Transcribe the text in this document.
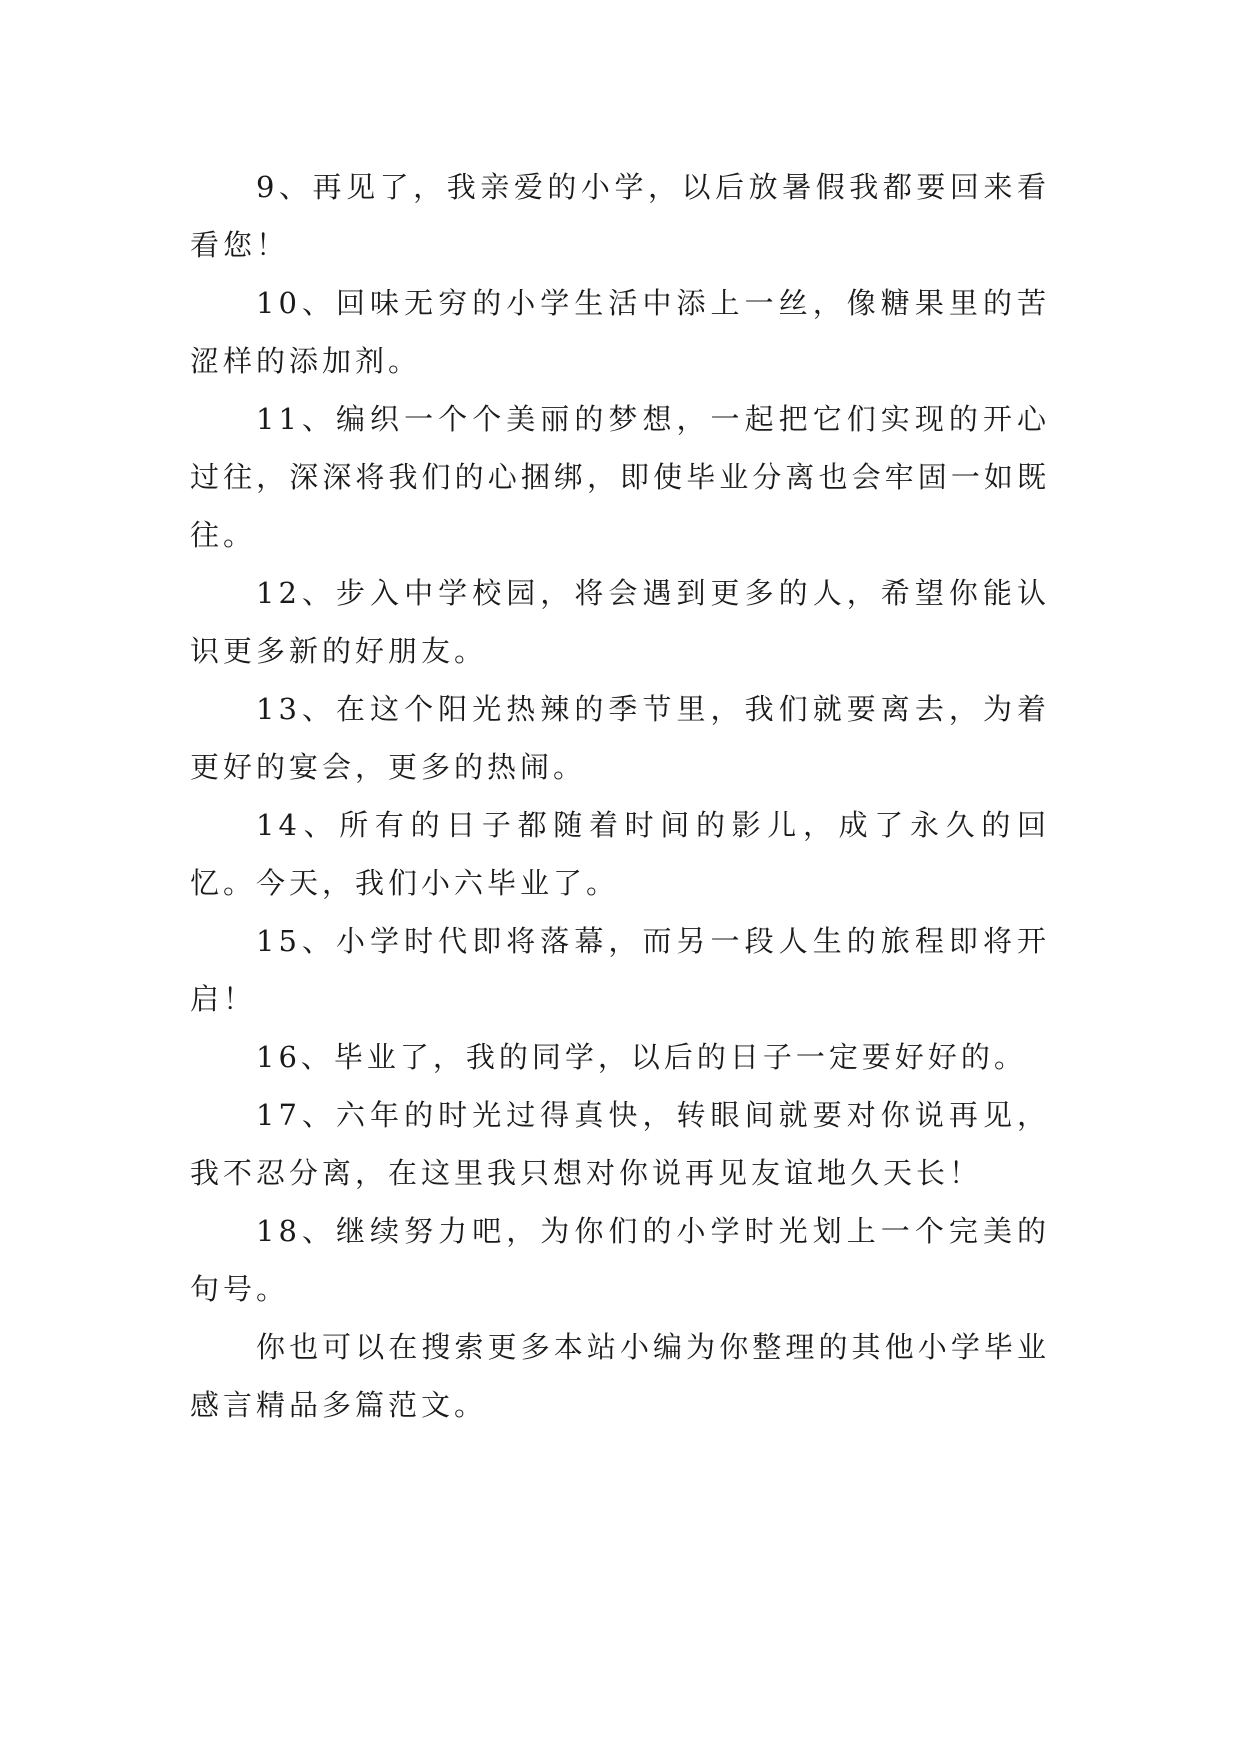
9、再见了，我亲爱的小学，以后放暑假我都要回来看看您！

10、回味无穷的小学生活中添上一丝，像糖果里的苦涩样的添加剂。

11、编织一个个美丽的梦想，一起把它们实现的开心过往，深深将我们的心捆绑，即使毕业分离也会牢固一如既往。

12、步入中学校园，将会遇到更多的人，希望你能认识更多新的好朋友。

13、在这个阳光热辣的季节里，我们就要离去，为着更好的宴会，更多的热闹。

14、所有的日子都随着时间的影儿，成了永久的回忆。今天，我们小六毕业了。

15、小学时代即将落幕，而另一段人生的旅程即将开启！

16、毕业了，我的同学，以后的日子一定要好好的。

17、六年的时光过得真快，转眼间就要对你说再见，我不忍分离，在这里我只想对你说再见友谊地久天长！

18、继续努力吧，为你们的小学时光划上一个完美的句号。

你也可以在搜索更多本站小编为你整理的其他小学毕业感言精品多篇范文。
